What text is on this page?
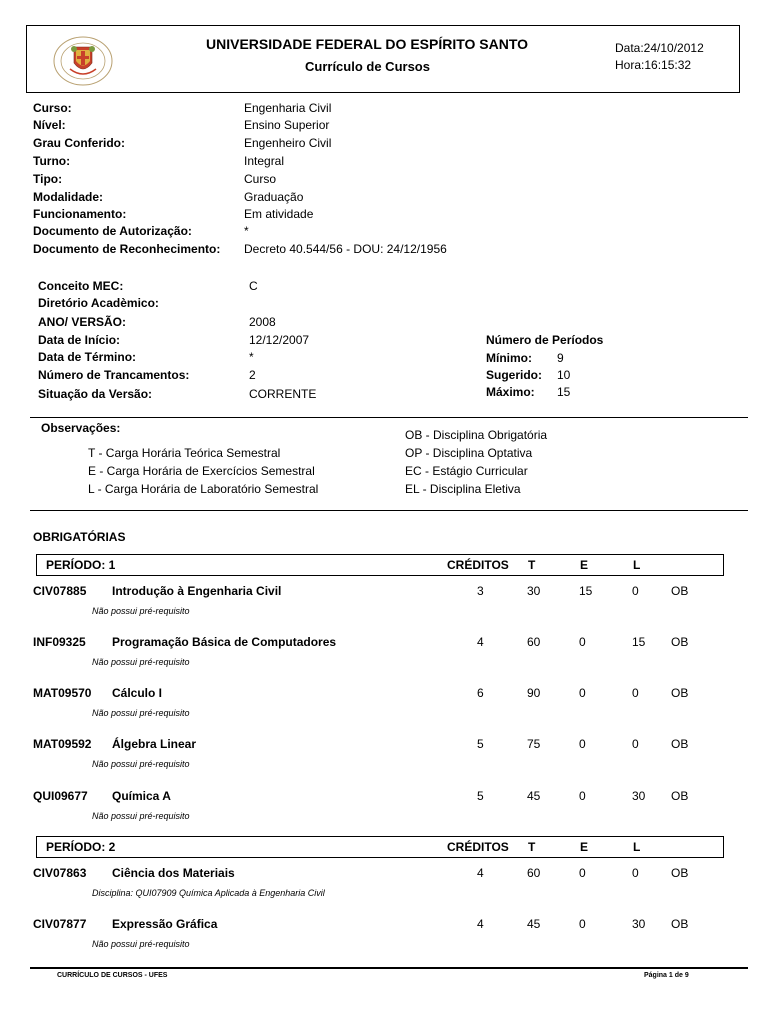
UNIVERSIDADE FEDERAL DO ESPÍRITO SANTO
Currículo de Cursos
Data:24/10/2012
Hora:16:15:32
Curso:	Engenharia Civil
Nível:	Ensino Superior
Grau Conferido:	Engenheiro Civil
Turno:	Integral
Tipo:	Curso
Modalidade:	Graduação
Funcionamento:	Em atividade
Documento de Autorização:	*
Documento de Reconhecimento: Decreto 40.544/56 - DOU: 24/12/1956
Conceito MEC:	C
Diretório Acadèmico:
ANO/ VERSÃO:	2008
Data de Início:	12/12/2007
Data de Término:	*
Número de Trancamentos:	2
Situação da Versão:	CORRENTE
Número de Períodos
Mínimo: 9
Sugerido: 10
Máximo: 15
Observações:
T - Carga Horária Teórica Semestral
E - Carga Horária de Exercícios Semestral
L - Carga Horária de Laboratório Semestral
OB - Disciplina Obrigatória
OP - Disciplina Optativa
EC - Estágio Curricular
EL - Disciplina Eletiva
OBRIGATÓRIAS
PERÍODO: 1	CRÉDITOS T	E	L
CIV07885 Introdução à Engenharia Civil	3	30	15	0	OB
Não possui pré-requisito
INF09325 Programação Básica de Computadores	4	60	0	15 OB
Não possui pré-requisito
MAT09570 Cálculo I	6	90	0	0	OB
Não possui pré-requisito
MAT09592 Álgebra Linear	5	75	0	0	OB
Não possui pré-requisito
QUI09677 Química A	5	45	0	30 OB
Não possui pré-requisito
PERÍODO: 2	CRÉDITOS T	E	L
CIV07863 Ciência dos Materiais	4	60	0	0	OB
Disciplina: QUI07909 Química Aplicada à Engenharia Civil
CIV07877 Expressão Gráfica	4	45	0	30 OB
Não possui pré-requisito
CURRÍCULO DE CURSOS - UFES	Página 1 de 9
